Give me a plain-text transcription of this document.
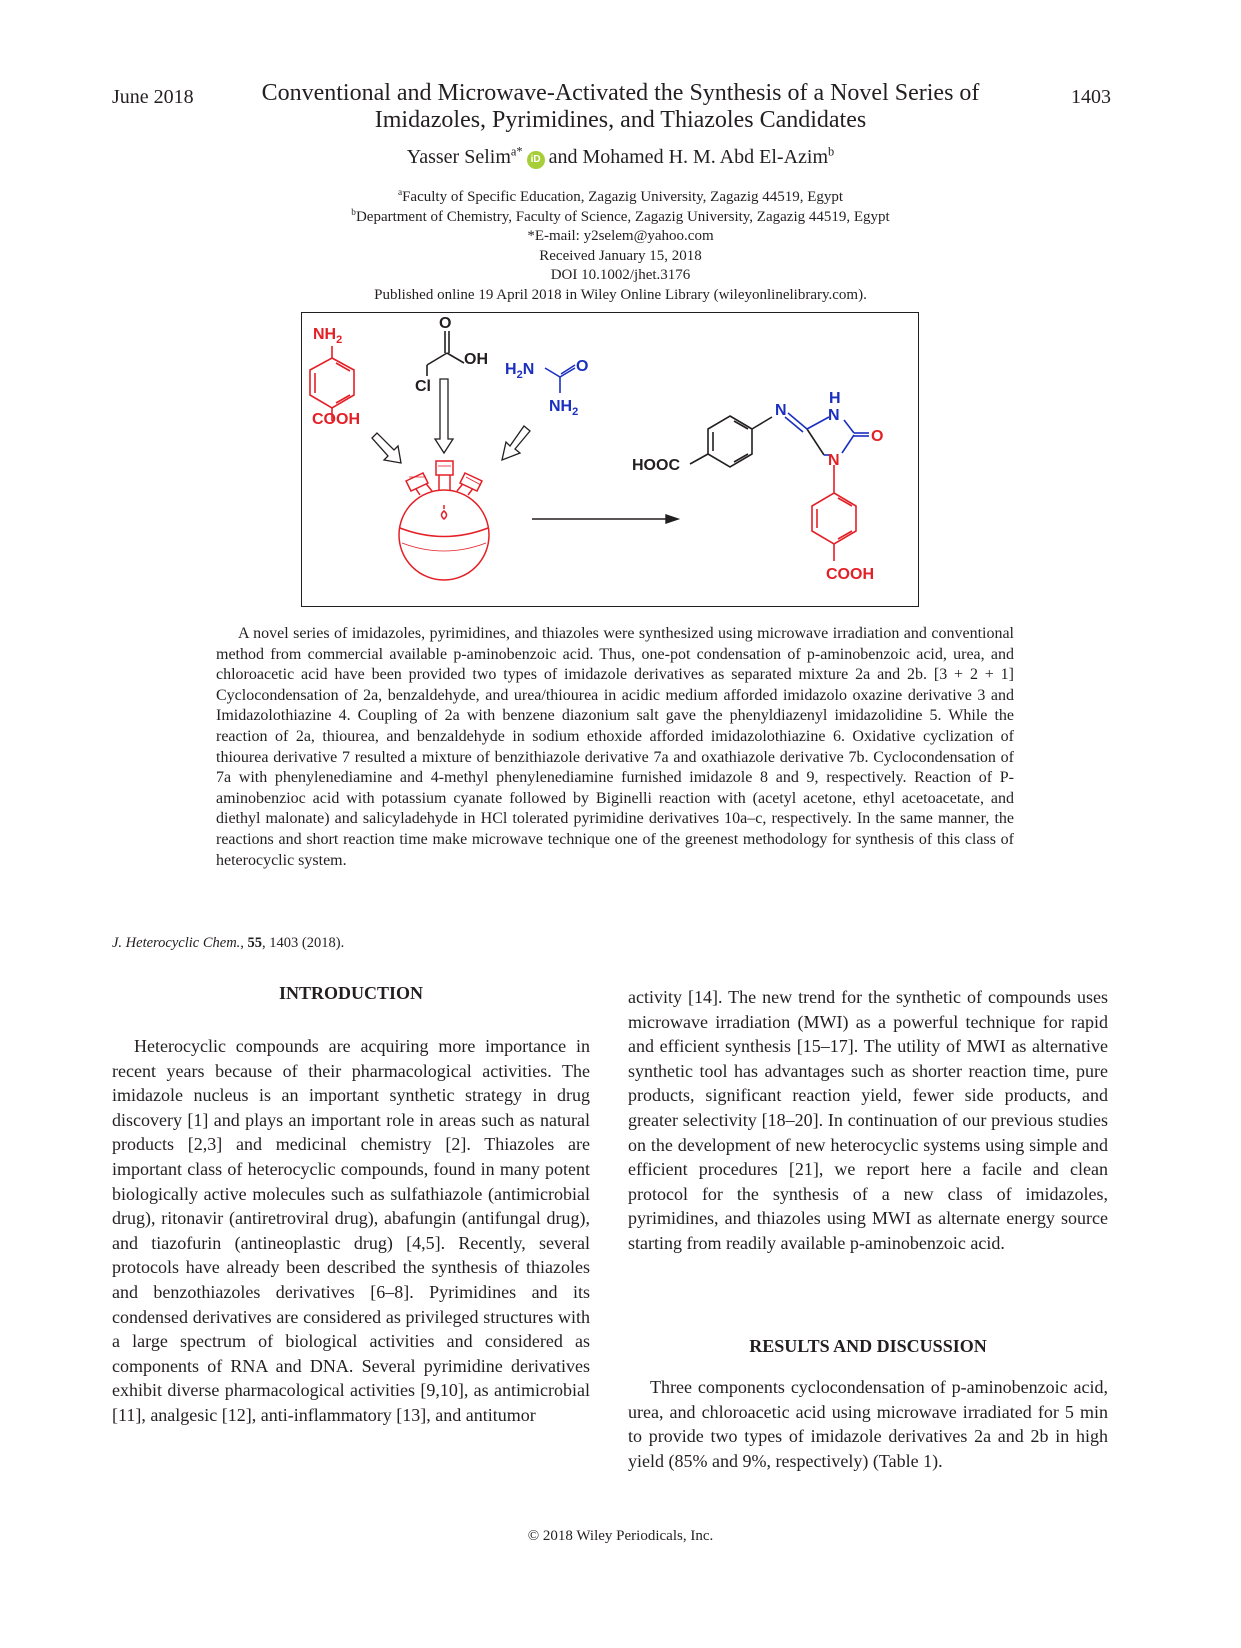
June 2018	1403
Conventional and Microwave-Activated the Synthesis of a Novel Series of
Imidazoles, Pyrimidines, and Thiazoles Candidates
Yasser Selim$^{a*}$iD and Mohamed H. M. Abd El-Azim$^b$
$^a$Faculty of Specific Education, Zagazig University, Zagazig 44519, Egypt
$^b$Department of Chemistry, Faculty of Science, Zagazig University, Zagazig 44519, Egypt
*E-mail: y2selem@yahoo.com
Received January 15, 2018
DOI 10.1002/jhet.3176
Published online 19 April 2018 in Wiley Online Library (wileyonlinelibrary.com).
$NH_2$
COOH
O
OH
Cl
$H_2N$	O
$NH_2$
HOOC
N
H
N
O
N
COOH

A novel series of imidazoles, pyrimidines, and thiazoles were synthesized using microwave irradiation and conventional method from commercial available p-aminobenzoic acid. Thus, one-pot condensation of p-aminobenzoic acid, urea, and chloroacetic acid have been provided two types of imidazole derivatives as separated mixture 2a and 2b. [3 + 2 + 1] Cyclocondensation of 2a, benzaldehyde, and urea/thiourea in acidic medium afforded imidazolo oxazine derivative 3 and Imidazolothiazine 4. Coupling of 2a with benzene diazonium salt gave the phenyldiazenyl imidazolidine 5. While the reaction of 2a, thiourea, and benzaldehyde in sodium ethoxide afforded imidazolothiazine 6. Oxidative cyclization of thiourea derivative 7 resulted a mixture of benzithiazole derivative 7a and oxathiazole derivative 7b. Cyclocondensation of 7a with phenylenediamine and 4-methyl phenylenediamine furnished imidazole 8 and 9, respectively. Reaction of P-aminobenzioc acid with potassium cyanate followed by Biginelli reaction with (acetyl acetone, ethyl acetoacetate, and diethyl malonate) and salicyladehyde in HCl tolerated pyrimidine derivatives 10a–c, respectively. In the same manner, the reactions and short reaction time make microwave technique one of the greenest methodology for synthesis of this class of heterocyclic system.

J. Heterocyclic Chem., 55, 1403 (2018).
INTRODUCTION

Heterocyclic compounds are acquiring more importance in recent years because of their pharmacological activities. The imidazole nucleus is an important synthetic strategy in drug discovery [1] and plays an important role in areas such as natural products [2,3] and medicinal chemistry [2]. Thiazoles are important class of heterocyclic compounds, found in many potent biologically active molecules such as sulfathiazole (antimicrobial drug), ritonavir (antiretroviral drug), abafungin (antifungal drug), and tiazofurin (antineoplastic drug) [4,5]. Recently, several protocols have already been described the synthesis of thiazoles and benzothiazoles derivatives [6–8]. Pyrimidines and its condensed derivatives are considered as privileged structures with a large spectrum of biological activities and considered as components of RNA and DNA. Several pyrimidine derivatives exhibit diverse pharmacological activities [9,10], as antimicrobial [11], analgesic [12], anti-inflammatory [13], and antitumor

activity [14]. The new trend for the synthetic of compounds uses microwave irradiation (MWI) as a powerful technique for rapid and efficient synthesis [15–17]. The utility of MWI as alternative synthetic tool has advantages such as shorter reaction time, pure products, significant reaction yield, fewer side products, and greater selectivity [18–20]. In continuation of our previous studies on the development of new heterocyclic systems using simple and efficient procedures [21], we report here a facile and clean protocol for the synthesis of a new class of imidazoles, pyrimidines, and thiazoles using MWI as alternate energy source starting from readily available p-aminobenzoic acid.

RESULTS AND DISCUSSION

Three components cyclocondensation of p-aminobenzoic acid, urea, and chloroacetic acid using microwave irradiated for 5 min to provide two types of imidazole derivatives 2a and 2b in high yield (85% and 9%, respectively) (Table 1).

© 2018 Wiley Periodicals, Inc.
